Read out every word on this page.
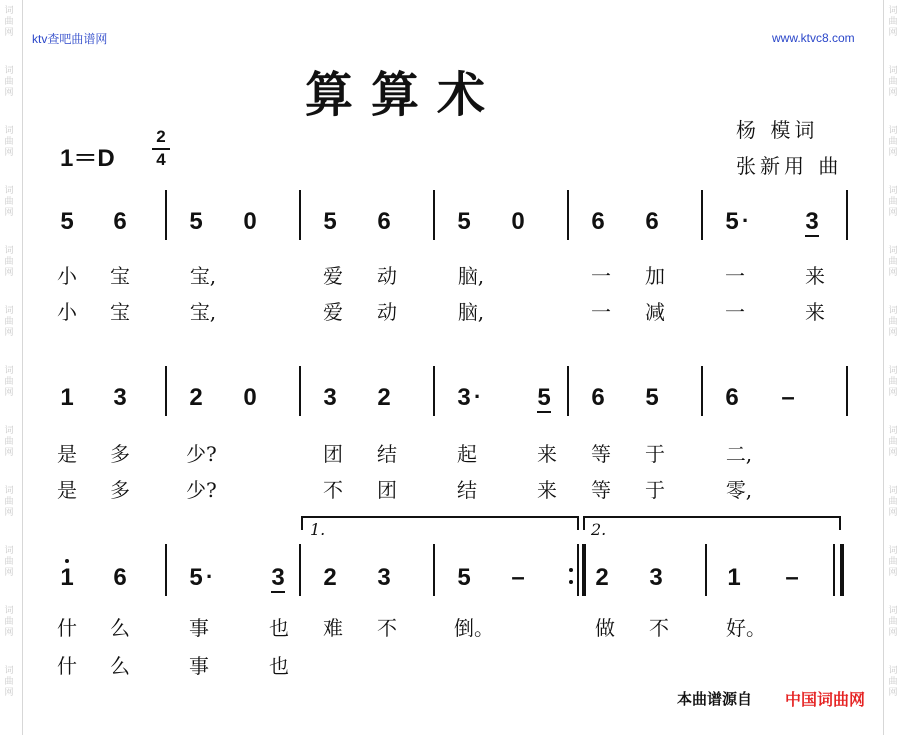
词曲网
词曲网
词曲网
词曲网
词曲网
词曲网
词曲网
词曲网
词曲网
词曲网
词曲网
词曲网
词曲网
词曲网
词曲网
词曲网
词曲网
词曲网
词曲网
词曲网
词曲网
词曲网
词曲网
词曲网
ktv查吧曲谱网	www.ktvc8.com
算算术
杨 模词
张新用 曲
1＝D
2
4
5 6	5 0	5 6	5 0	6 6	5 · 3
小 宝	宝,	爱 动	脑,	一 加	一	来
小 宝	宝,	爱 动	脑,	一 减	一	来
1 3	2 0	3 2	3 · 5 6 5	6 –
是 多	少?	团 结	起	来 等 于	二,
是 多	少?	不 团	结	来 等 于	零,
1.	2.
1 6	5 · 3 2 3	5 –	2 3	1 –
什 么	事	也 难 不	倒。	做 不	好。
什 么	事	也
本曲谱源自 中国词曲网
